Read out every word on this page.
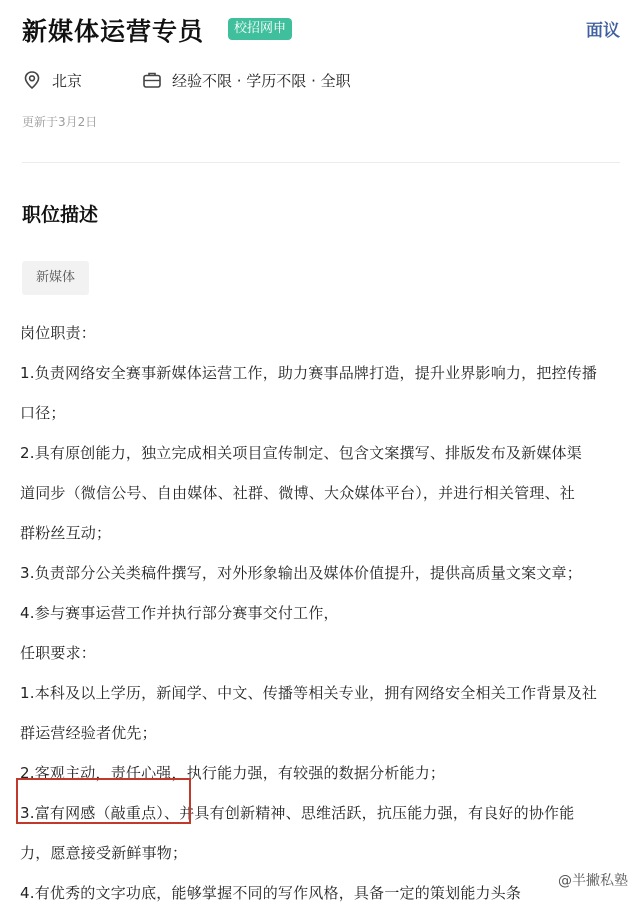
新媒体运营专员	校招网申	面议
北京	经验不限 · 学历不限 · 全职
更新于3月2日
职位描述
新媒体
岗位职责：
1.负责网络安全赛事新媒体运营工作，助力赛事品牌打造，提升业界影响力，把控传播
口径；
2.具有原创能力，独立完成相关项目宣传制定、包含文案撰写、排版发布及新媒体渠
道同步（微信公号、自由媒体、社群、微博、大众媒体平台），并进行相关管理、社
群粉丝互动；
3.负责部分公关类稿件撰写，对外形象输出及媒体价值提升，提供高质量文案文章；
4.参与赛事运营工作并执行部分赛事交付工作，
任职要求：
1.本科及以上学历，新闻学、中文、传播等相关专业，拥有网络安全相关工作背景及社
群运营经验者优先；
2.客观主动，责任心强，执行能力强，有较强的数据分析能力；
3.富有网感（敲重点）、并具有创新精神、思维活跃，抗压能力强，有良好的协作能
力，愿意接受新鲜事物；
4.有优秀的文字功底，能够掌握不同的写作风格，具备一定的策划能力头条
@半撇私塾
